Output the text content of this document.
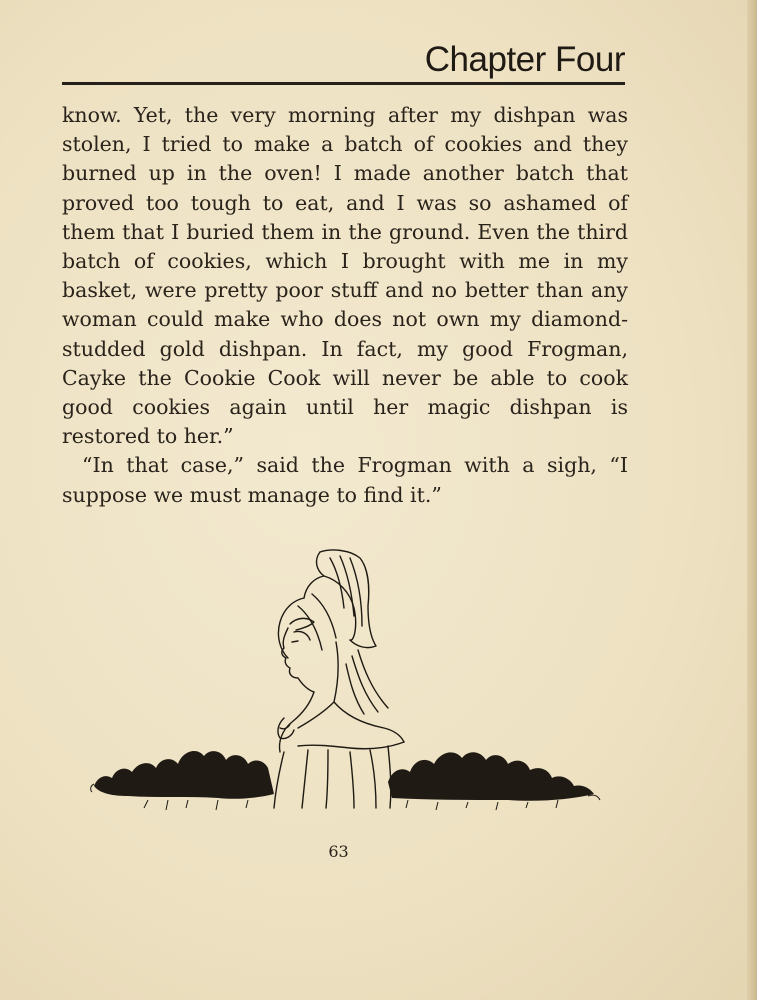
Chapter Four

know. Yet, the very morning after my dishpan was stolen, I tried to make a batch of cookies and they burned up in the oven! I made another batch that proved too tough to eat, and I was so ashamed of them that I buried them in the ground. Even the third batch of cookies, which I brought with me in my basket, were pretty poor stuff and no better than any woman could make who does not own my diamond-studded gold dishpan. In fact, my good Frogman, Cayke the Cookie Cook will never be able to cook good cookies again until her magic dishpan is restored to her.”

“In that case,” said the Frogman with a sigh, “I suppose we must manage to find it.”

63
